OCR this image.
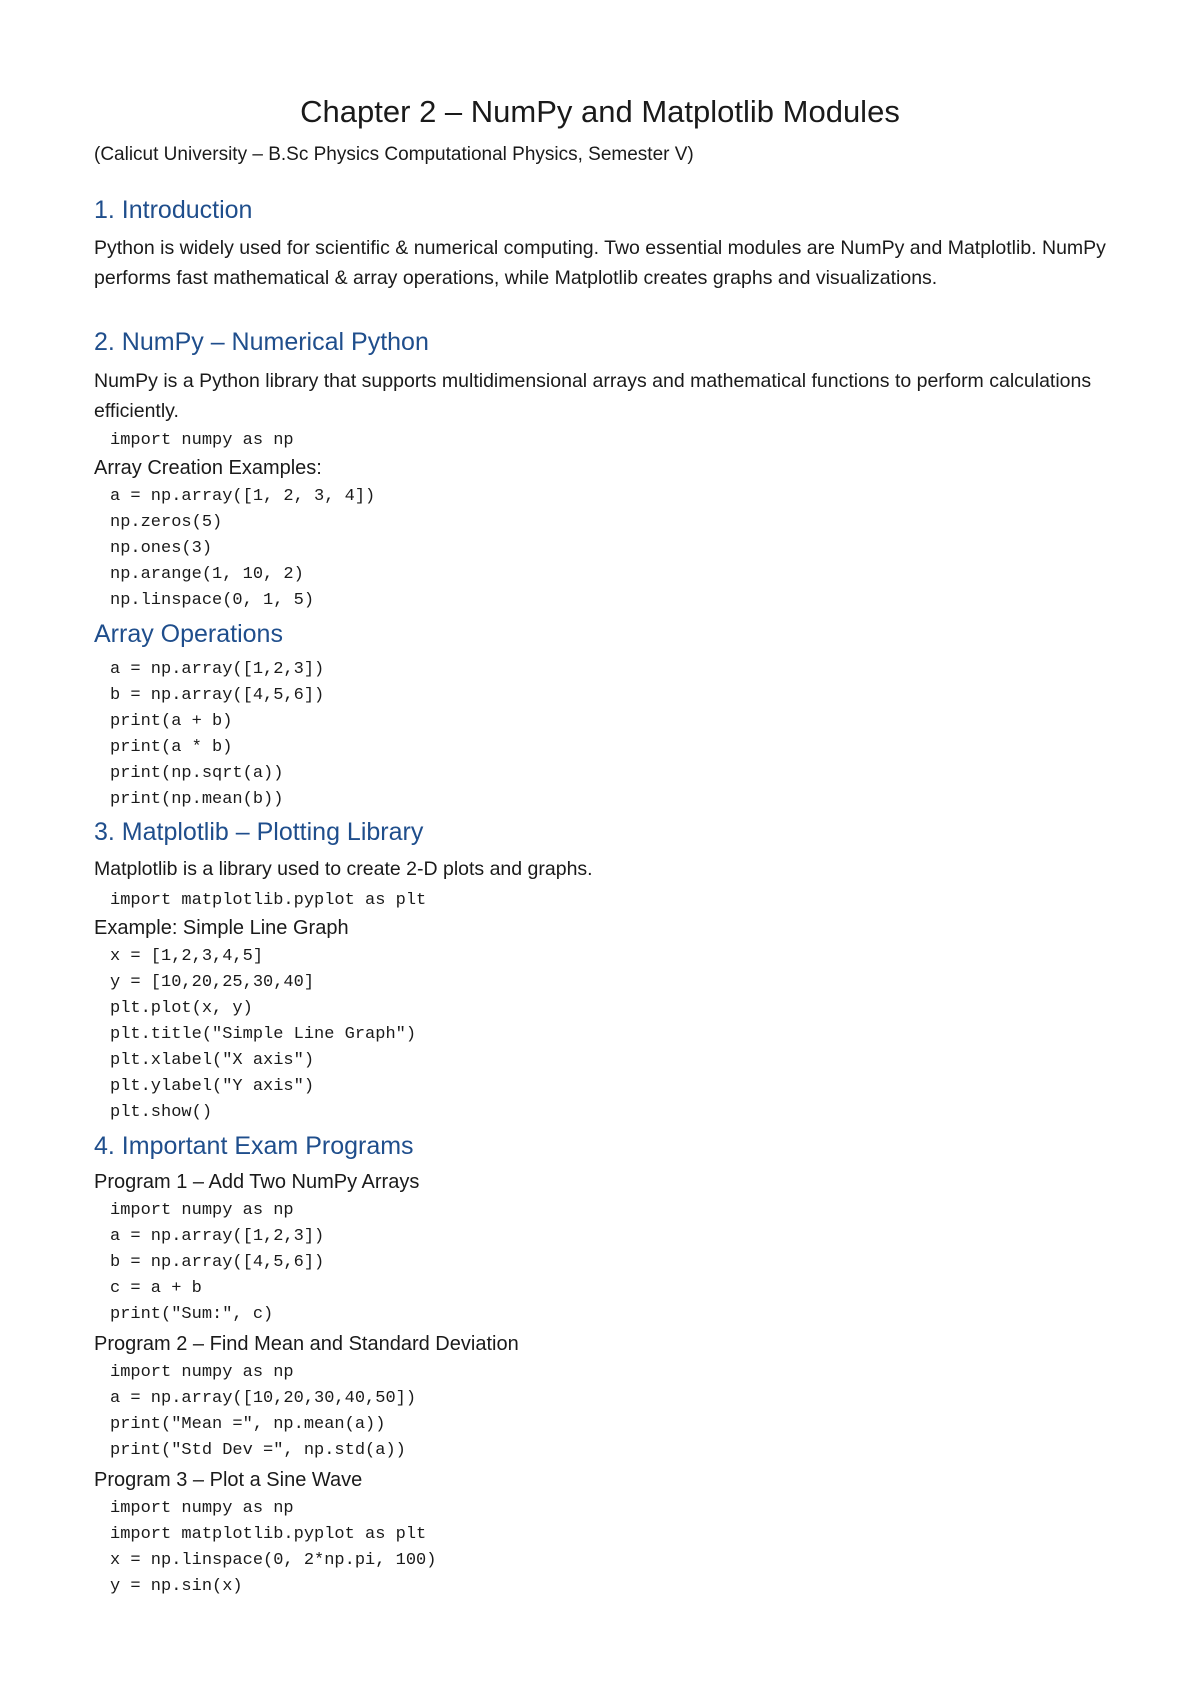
Chapter 2 – NumPy and Matplotlib Modules
(Calicut University – B.Sc Physics Computational Physics, Semester V)
1. Introduction
Python is widely used for scientific & numerical computing. Two essential modules are NumPy and Matplotlib. NumPy performs fast mathematical & array operations, while Matplotlib creates graphs and visualizations.
2. NumPy – Numerical Python
NumPy is a Python library that supports multidimensional arrays and mathematical functions to perform calculations efficiently.
import numpy as np
Array Creation Examples:
a = np.array([1, 2, 3, 4])
np.zeros(5)
np.ones(3)
np.arange(1, 10, 2)
np.linspace(0, 1, 5)
Array Operations
a = np.array([1,2,3])
b = np.array([4,5,6])
print(a + b)
print(a * b)
print(np.sqrt(a))
print(np.mean(b))
3. Matplotlib – Plotting Library
Matplotlib is a library used to create 2-D plots and graphs.
import matplotlib.pyplot as plt
Example: Simple Line Graph
x = [1,2,3,4,5]
y = [10,20,25,30,40]
plt.plot(x, y)
plt.title("Simple Line Graph")
plt.xlabel("X axis")
plt.ylabel("Y axis")
plt.show()
4. Important Exam Programs
Program 1 – Add Two NumPy Arrays
import numpy as np
a = np.array([1,2,3])
b = np.array([4,5,6])
c = a + b
print("Sum:", c)
Program 2 – Find Mean and Standard Deviation
import numpy as np
a = np.array([10,20,30,40,50])
print("Mean =", np.mean(a))
print("Std Dev =", np.std(a))
Program 3 – Plot a Sine Wave
import numpy as np
import matplotlib.pyplot as plt
x = np.linspace(0, 2*np.pi, 100)
y = np.sin(x)
